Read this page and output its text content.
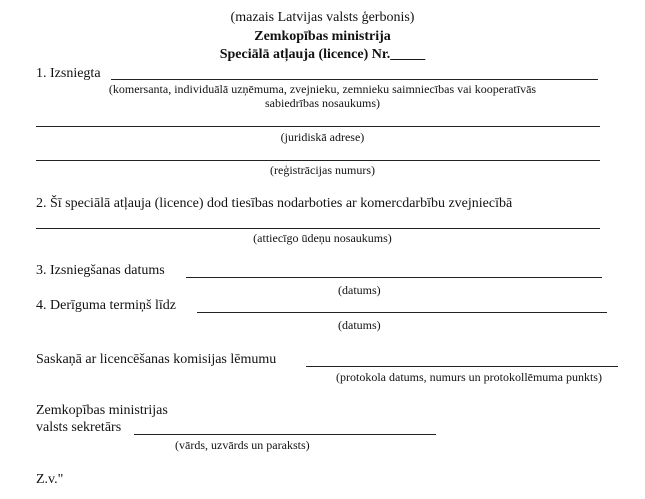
(mazais Latvijas valsts ģerbonis)
Zemkopības ministrija
Speciālā atļauja (licence) Nr._____
1. Izsniegta
(komersanta, individuālā uzņēmuma, zvejnieku, zemnieku saimniecības vai kooperatīvās
sabiedrības nosaukums)
(juridiskā adrese)
(reģistrācijas numurs)
2. Šī speciālā atļauja (licence) dod tiesības nodarboties ar komercdarbību zvejniecībā
(attiecīgo ūdeņu nosaukums)
3. Izsniegšanas datums
(datums)
4. Derīguma termiņš līdz
(datums)
Saskaņā ar licencēšanas komisijas lēmumu
(protokola datums, numurs un protokollēmuma punkts)
Zemkopības ministrijas
valsts sekretārs
(vārds, uzvārds un paraksts)
Z.v."
